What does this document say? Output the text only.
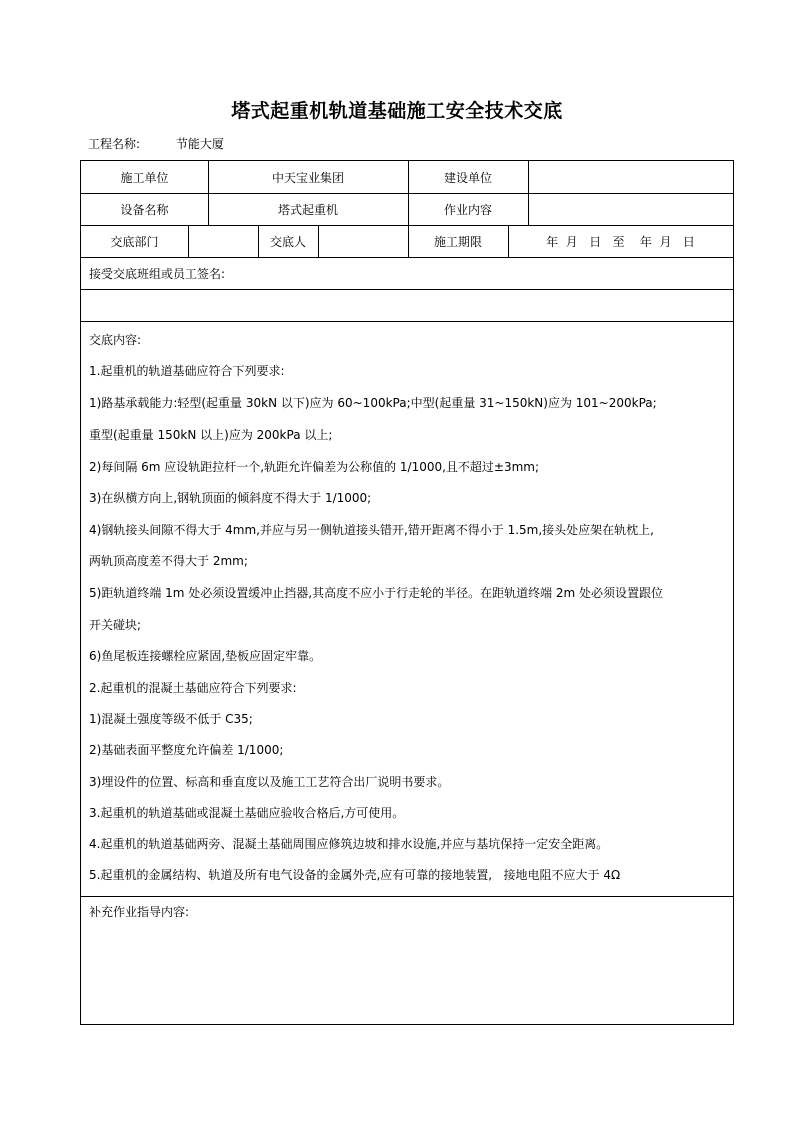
塔式起重机轨道基础施工安全技术交底
工程名称:	节能大厦
施工单位	中天宝业集团	建设单位
设备名称	塔式起重机	作业内容
交底部门	交底人	施工期限	年  月   日   至    年  月   日
接受交底班组或员工签名:
交底内容:
1.起重机的轨道基础应符合下列要求:
1)路基承载能力:轻型(起重量 30kN 以下)应为 60~100kPa;中型(起重量 31~150kN)应为 101~200kPa;
重型(起重量 150kN 以上)应为 200kPa 以上;
2)每间隔 6m 应设轨距拉杆一个,轨距允许偏差为公称值的 1/1000,且不超过±3mm;
3)在纵横方向上,钢轨顶面的倾斜度不得大于 1/1000;
4)钢轨接头间隙不得大于 4mm,并应与另一侧轨道接头错开,错开距离不得小于 1.5m,接头处应架在轨枕上,
两轨顶高度差不得大于 2mm;
5)距轨道终端 1m 处必须设置缓冲止挡器,其高度不应小于行走轮的半径。在距轨道终端 2m 处必须设置跟位
开关碰块;
6)鱼尾板连接螺栓应紧固,垫板应固定牢靠。
2.起重机的混凝土基础应符合下列要求:
1)混凝土强度等级不低于 C35;
2)基础表面平整度允许偏差 1/1000;
3)埋设件的位置、标高和垂直度以及施工工艺符合出厂说明书要求。
3.起重机的轨道基础或混凝土基础应验收合格后,方可使用。
4.起重机的轨道基础两旁、混凝土基础周围应修筑边坡和排水设施,并应与基坑保持一定安全距离。
5.起重机的金属结构、轨道及所有电气设备的金属外壳,应有可靠的接地装置,   接地电阻不应大于 4Ω
补充作业指导内容:
